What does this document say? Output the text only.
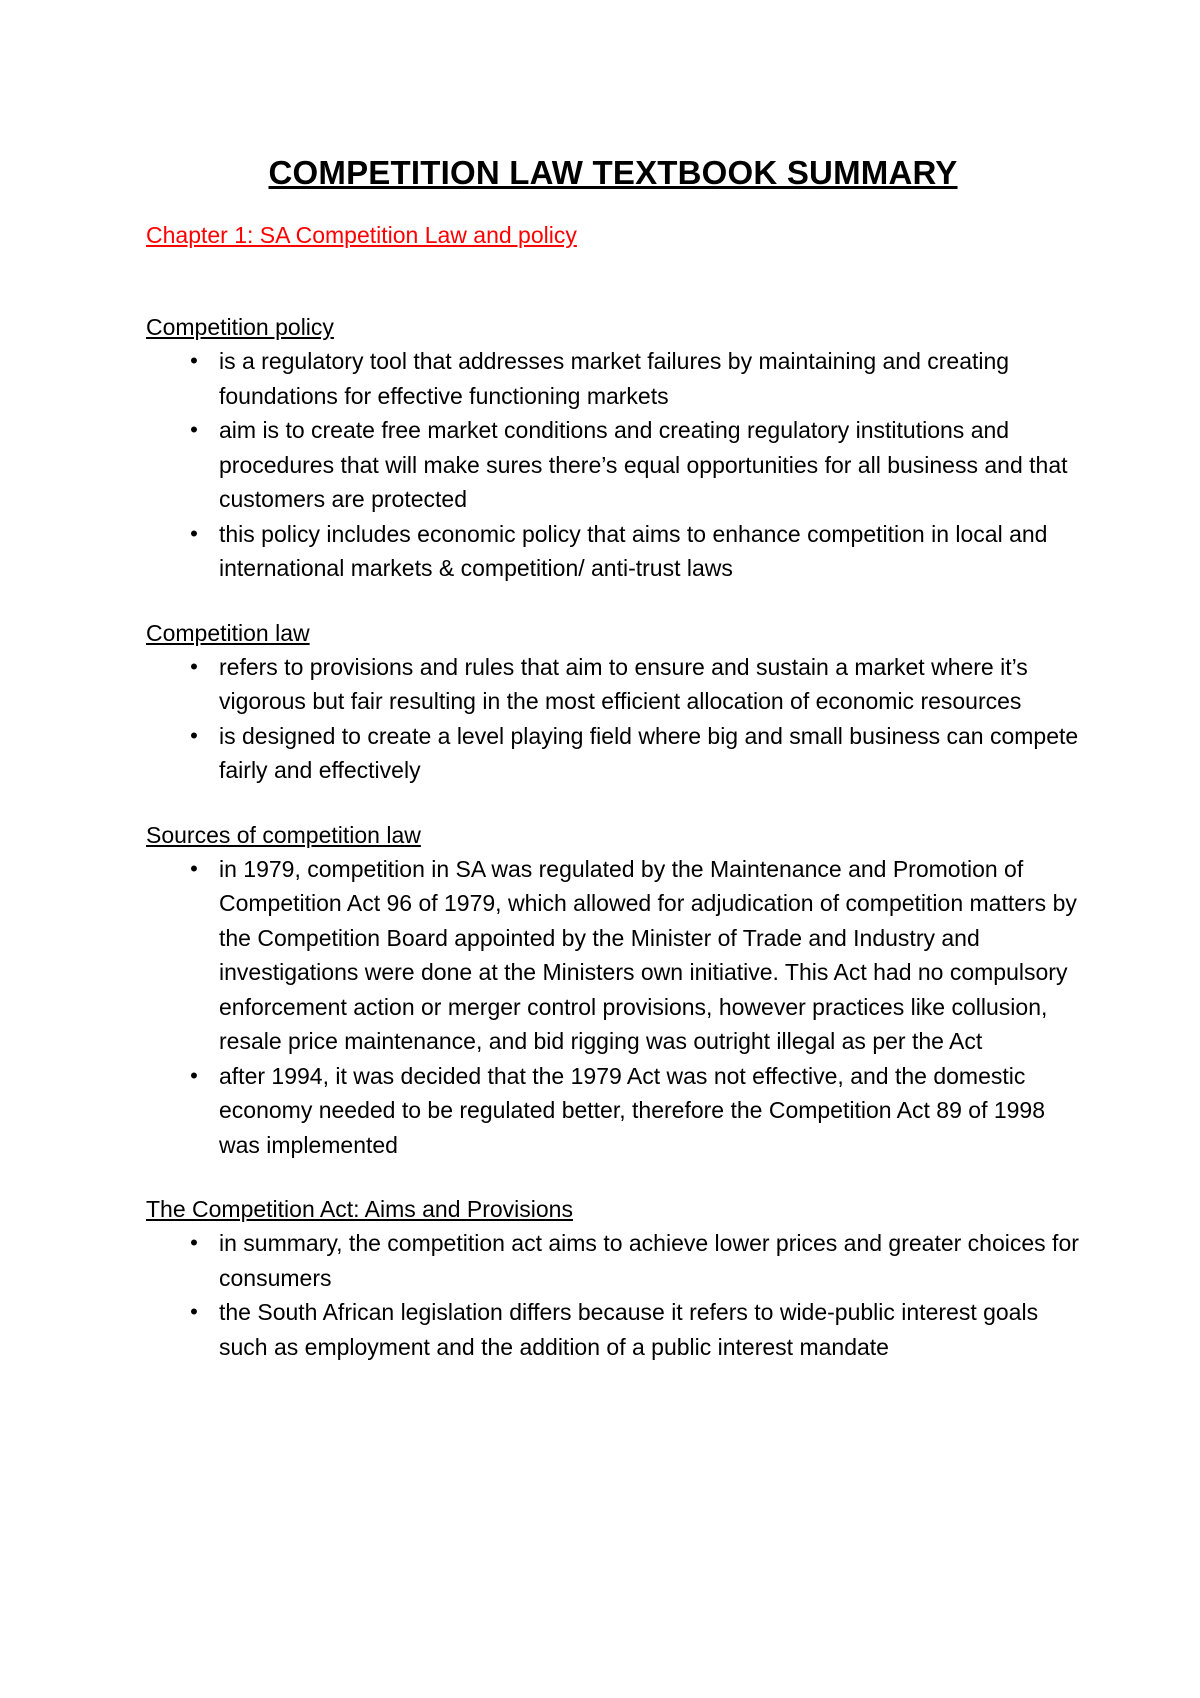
COMPETITION LAW TEXTBOOK SUMMARY
Chapter 1: SA Competition Law and policy
Competition policy
• is a regulatory tool that addresses market failures by maintaining and creating foundations for effective functioning markets
• aim is to create free market conditions and creating regulatory institutions and procedures that will make sures there’s equal opportunities for all business and that customers are protected
• this policy includes economic policy that aims to enhance competition in local and international markets & competition/ anti-trust laws
Competition law
• refers to provisions and rules that aim to ensure and sustain a market where it’s vigorous but fair resulting in the most efficient allocation of economic resources
• is designed to create a level playing field where big and small business can compete fairly and effectively
Sources of competition law
• in 1979, competition in SA was regulated by the Maintenance and Promotion of Competition Act 96 of 1979, which allowed for adjudication of competition matters by the Competition Board appointed by the Minister of Trade and Industry and investigations were done at the Ministers own initiative. This Act had no compulsory enforcement action or merger control provisions, however practices like collusion, resale price maintenance, and bid rigging was outright illegal as per the Act
• after 1994, it was decided that the 1979 Act was not effective, and the domestic economy needed to be regulated better, therefore the Competition Act 89 of 1998 was implemented
The Competition Act: Aims and Provisions
• in summary, the competition act aims to achieve lower prices and greater choices for consumers
• the South African legislation differs because it refers to wide-public interest goals such as employment and the addition of a public interest mandate
